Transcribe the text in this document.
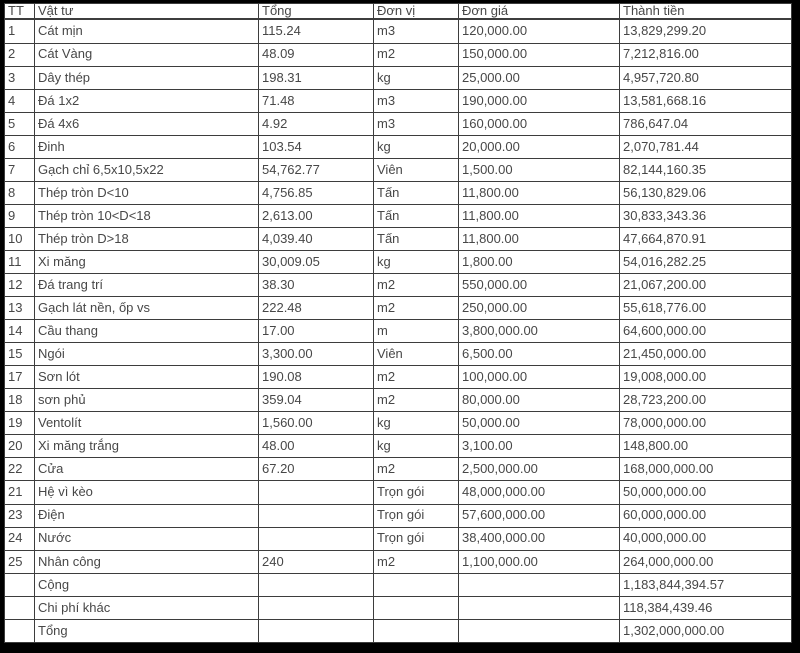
TT	Vật tư	Tổng	Đơn vị	Đơn giá	Thành tiền
1	Cát mịn	115.24	m3	120,000.00	13,829,299.20
2	Cát Vàng	48.09	m2	150,000.00	7,212,816.00
3	Dây thép	198.31	kg	25,000.00	4,957,720.80
4	Đá 1x2	71.48	m3	190,000.00	13,581,668.16
5	Đá 4x6	4.92	m3	160,000.00	786,647.04
6	Đinh	103.54	kg	20,000.00	2,070,781.44
7	Gạch chỉ 6,5x10,5x22	54,762.77	Viên	1,500.00	82,144,160.35
8	Thép tròn D<10	4,756.85	Tấn	11,800.00	56,130,829.06
9	Thép tròn 10<D<18	2,613.00	Tấn	11,800.00	30,833,343.36
10	Thép tròn D>18	4,039.40	Tấn	11,800.00	47,664,870.91
11	Xi măng	30,009.05	kg	1,800.00	54,016,282.25
12	Đá trang trí	38.30	m2	550,000.00	21,067,200.00
13	Gạch lát nền, ốp vs	222.48	m2	250,000.00	55,618,776.00
14	Cầu thang	17.00	m	3,800,000.00	64,600,000.00
15	Ngói	3,300.00	Viên	6,500.00	21,450,000.00
17	Sơn lót	190.08	m2	100,000.00	19,008,000.00
18	sơn phủ	359.04	m2	80,000.00	28,723,200.00
19	Ventolít	1,560.00	kg	50,000.00	78,000,000.00
20	Xi măng trắng	48.00	kg	3,100.00	148,800.00
22	Cửa	67.20	m2	2,500,000.00	168,000,000.00
21	Hệ vì kèo		Trọn gói	48,000,000.00	50,000,000.00
23	Điện		Trọn gói	57,600,000.00	60,000,000.00
24	Nước		Trọn gói	38,400,000.00	40,000,000.00
25	Nhân công	240	m2	1,100,000.00	264,000,000.00
	Cộng				1,183,844,394.57
	Chi phí khác				118,384,439.46
	Tổng				1,302,000,000.00
